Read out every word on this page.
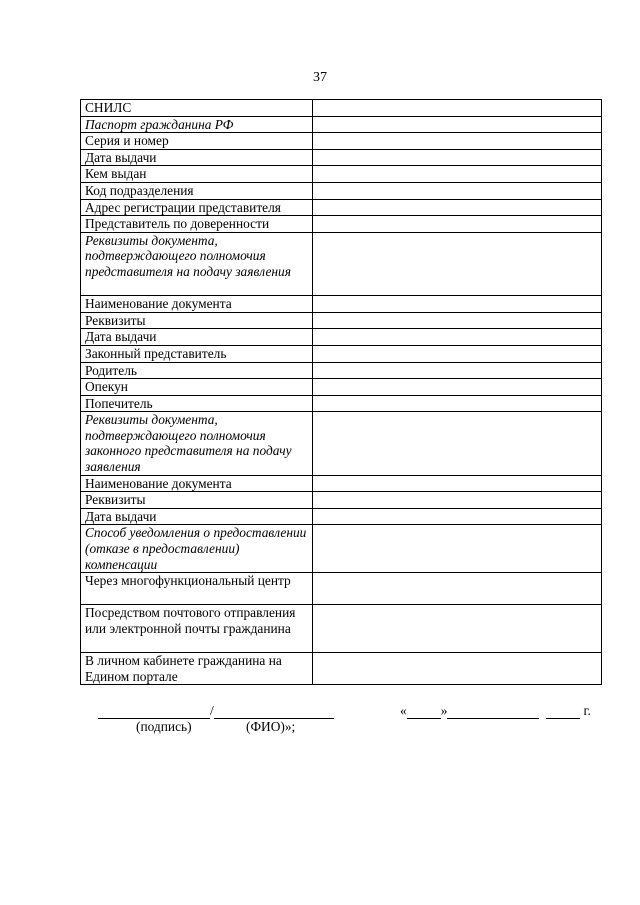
37
СНИЛС	
Паспорт гражданина РФ	
Серия и номер	
Дата выдачи	
Кем выдан	
Код подразделения	
Адрес регистрации представителя	
Представитель по доверенности	
Реквизиты документа, подтверждающего полномочия представителя на подачу заявления	
Наименование документа	
Реквизиты	
Дата выдачи	
Законный представитель	
Родитель	
Опекун	
Попечитель	
Реквизиты документа, подтверждающего полномочия законного представителя на подачу заявления	
Наименование документа	
Реквизиты	
Дата выдачи	
Способ уведомления о предоставлении (отказе в предоставлении) компенсации	
Через многофункциональный центр	
Посредством почтового отправления или электронной почты гражданина	
В личном кабинете гражданина на Едином портале	
/
(подпись)	(ФИО)»;
«	»	г.
